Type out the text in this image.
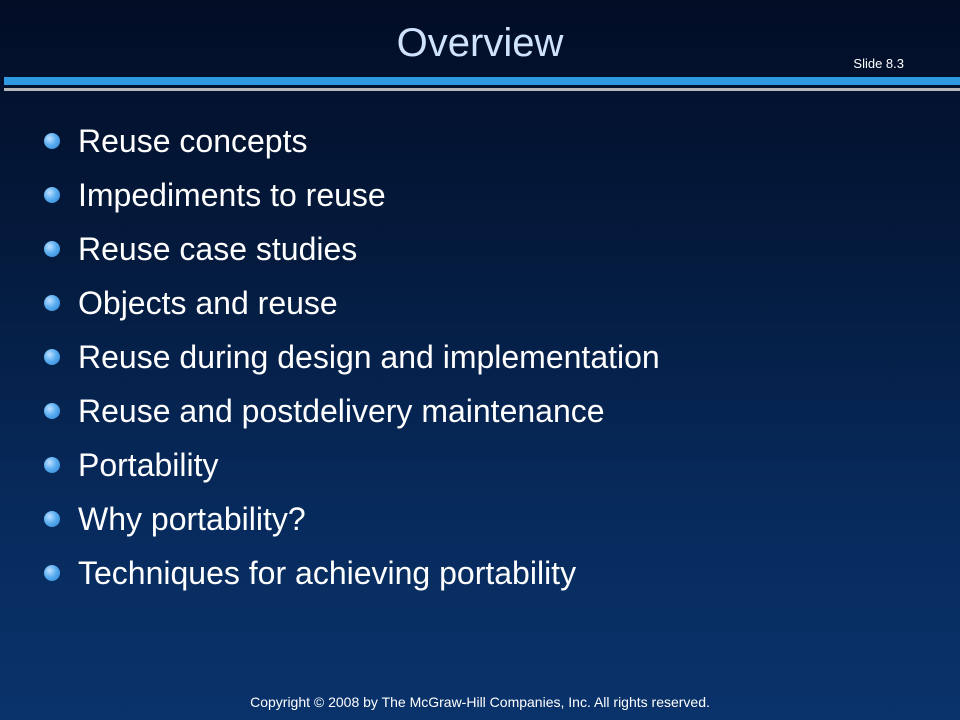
Overview	Slide 8.3
Reuse concepts
Impediments to reuse
Reuse case studies
Objects and reuse
Reuse during design and implementation
Reuse and postdelivery maintenance
Portability
Why portability?
Techniques for achieving portability
Copyright © 2008 by The McGraw-Hill Companies, Inc. All rights reserved.
